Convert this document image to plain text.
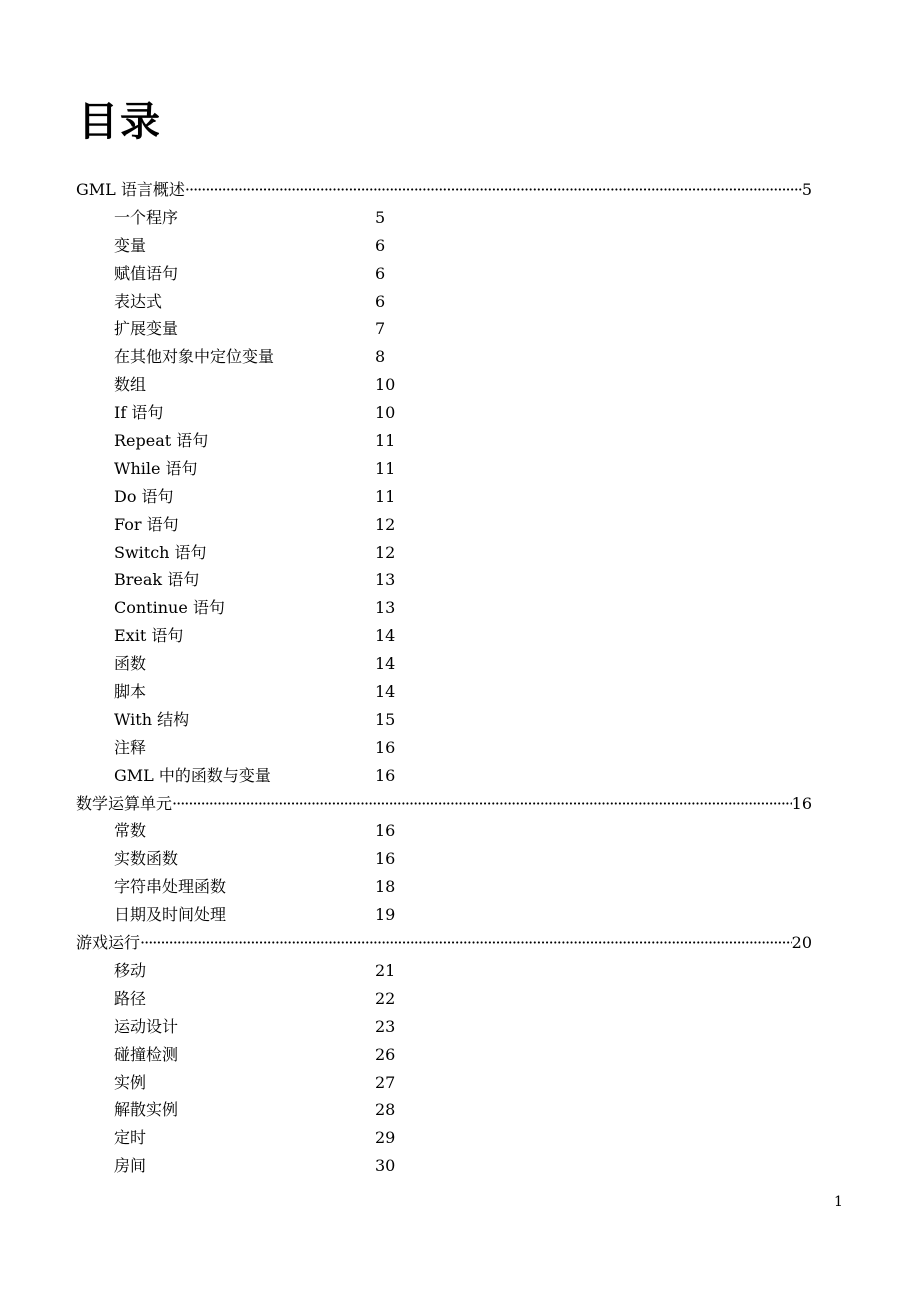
目录
GML 语言概述 ·····	5
一个程序	5
变量	6
赋值语句	6
表达式	6
扩展变量	7
在其他对象中定位变量	8
数组	10
If 语句	10
Repeat 语句	11
While 语句	11
Do 语句	11
For 语句	12
Switch 语句	12
Break 语句	13
Continue 语句	13
Exit 语句	14
函数	14
脚本	14
With 结构	15
注释	16
GML 中的函数与变量	16
数学运算单元 ·····	16
常数	16
实数函数	16
字符串处理函数	18
日期及时间处理	19
游戏运行 ·····	20
移动	21
路径	22
运动设计	23
碰撞检测	26
实例	27
解散实例	28
定时	29
房间	30
1
